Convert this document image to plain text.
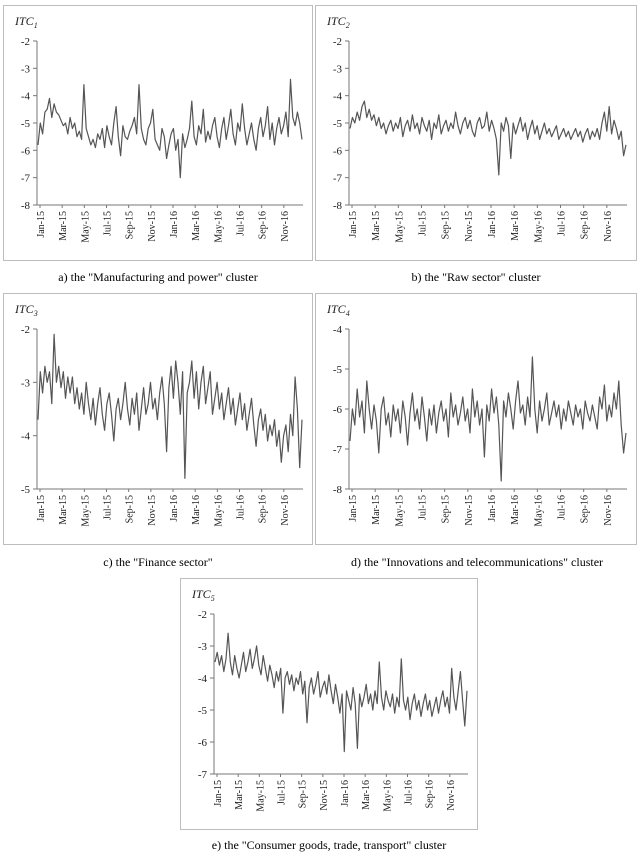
$ITC_1$
-2
-3
-4
-5
-6
-7
-8
Jan-15 Mar-15 May-15 Jul-15 Sep-15 Nov-15 Jan-16 Mar-16 May-16 Jul-16 Sep-16 Nov-16
a) the "Manufacturing and power" cluster
$ITC_2$
-2
-3
-4
-5
-6
-7
-8
Jan-15 Mar-15 May-15 Jul-15 Sep-15 Nov-15 Jan-16 Mar-16 May-16 Jul-16 Sep-16 Nov-16
b) the "Raw sector" cluster
$ITC_3$
-2
-3
-4
-5
Jan-15 Mar-15 May-15 Jul-15 Sep-15 Nov-15 Jan-16 Mar-16 May-16 Jul-16 Sep-16 Nov-16
c) the "Finance sector"
$ITC_4$
-4
-5
-6
-7
-8
Jan-15 Mar-15 May-15 Jul-15 Sep-15 Nov-15 Jan-16 Mar-16 May-16 Jul-16 Sep-16 Nov-16
d) the "Innovations and telecommunications" cluster
$ITC_5$
-2
-3
-4
-5
-6
-7
Jan-15 Mar-15 May-15 Jul-15 Sep-15 Nov-15 Jan-16 Mar-16 May-16 Jul-16 Sep-16 Nov-16
e) the "Consumer goods, trade, transport" cluster
